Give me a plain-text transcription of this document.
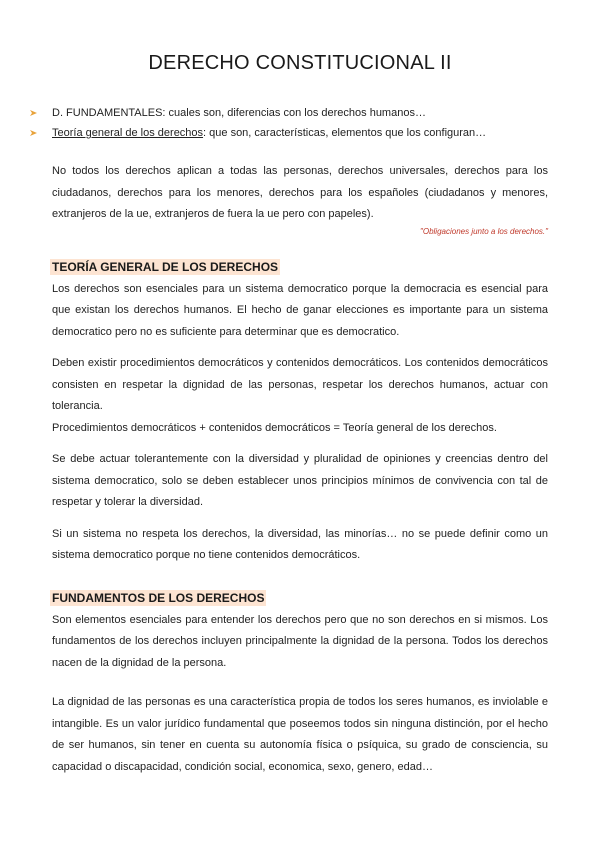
DERECHO CONSTITUCIONAL II
D. FUNDAMENTALES: cuales son, diferencias con los derechos humanos…
Teoría general de los derechos: que son, características, elementos que los configuran…

No todos los derechos aplican a todas las personas, derechos universales, derechos para los ciudadanos, derechos para los menores, derechos para los españoles (ciudadanos y menores, extranjeros de la ue, extranjeros de fuera la ue pero con papeles).

"Obligaciones junto a los derechos."
TEORÍA GENERAL DE LOS DERECHOS

Los derechos son esenciales para un sistema democratico porque la democracia es esencial para que existan los derechos humanos. El hecho de ganar elecciones es importante para un sistema democratico pero no es suficiente para determinar que es democratico.

Deben existir procedimientos democráticos y contenidos democráticos. Los contenidos democráticos consisten en respetar la dignidad de las personas, respetar los derechos humanos, actuar con tolerancia.

Procedimientos democráticos + contenidos democráticos = Teoría general de los derechos.

Se debe actuar tolerantemente con la diversidad y pluralidad de opiniones y creencias dentro del sistema democratico, solo se deben establecer unos principios mínimos de convivencia con tal de respetar y tolerar la diversidad.

Si un sistema no respeta los derechos, la diversidad, las minorías… no se puede definir como un sistema democratico porque no tiene contenidos democráticos.

FUNDAMENTOS DE LOS DERECHOS

Son elementos esenciales para entender los derechos pero que no son derechos en si mismos. Los fundamentos de los derechos incluyen principalmente la dignidad de la persona. Todos los derechos nacen de la dignidad de la persona.

La dignidad de las personas es una característica propia de todos los seres humanos, es inviolable e intangible. Es un valor jurídico fundamental que poseemos todos sin ninguna distinción, por el hecho de ser humanos, sin tener en cuenta su autonomía física o psíquica, su grado de consciencia, su capacidad o discapacidad, condición social, economica, sexo, genero, edad…
